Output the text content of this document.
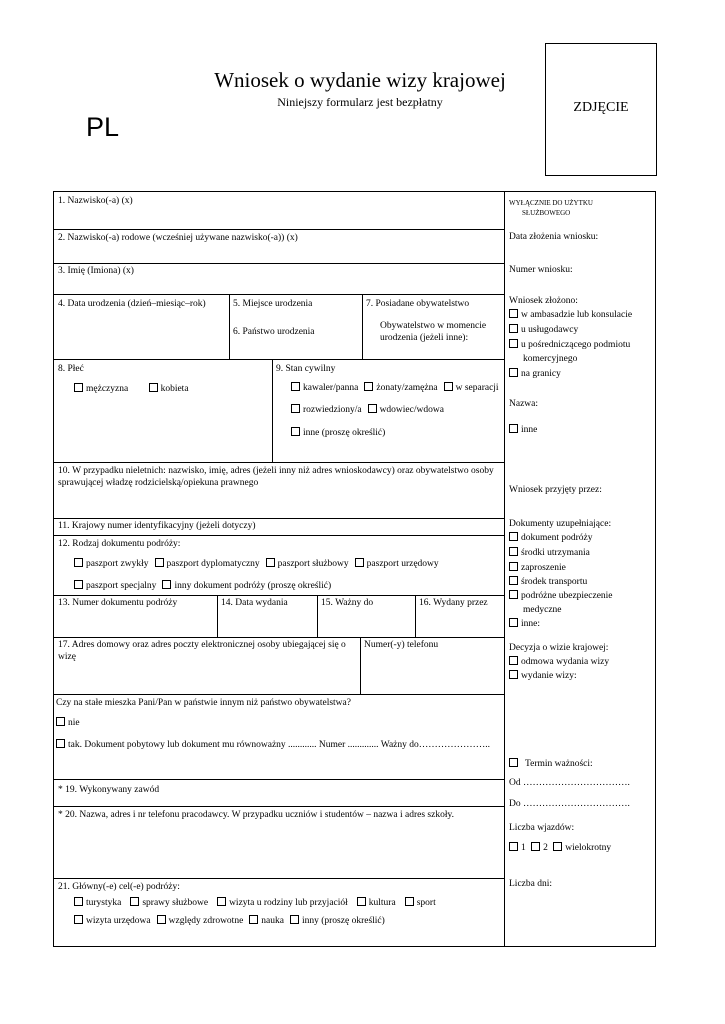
Wniosek o wydanie wizy krajowej
Niniejszy formularz jest bezpłatny
PL
ZDJĘCIE
1. Nazwisko(-a) (x)
2. Nazwisko(-a) rodowe (wcześniej używane nazwisko(-a)) (x)
3. Imię (Imiona) (x)
4. Data urodzenia (dzień–miesiąc–rok)	5. Miejsce urodzenia
6. Państwo urodzenia
7. Posiadane obywatelstwo
Obywatelstwo w momencie urodzenia (jeżeli inne):
8. Płeć
mężczyzna	kobieta
9. Stan cywilny
kawaler/panna żonaty/zamężna w separacji
rozwiedziony/a wdowiec/wdowa
inne (proszę określić)
10. W przypadku nieletnich: nazwisko, imię, adres (jeżeli inny niż adres wnioskodawcy) oraz obywatelstwo osoby sprawującej władzę rodzicielską/opiekuna prawnego
11. Krajowy numer identyfikacyjny (jeżeli dotyczy)
12. Rodzaj dokumentu podróży:
paszport zwykły paszport dyplomatyczny paszport służbowy paszport urzędowy
paszport specjalny inny dokument podróży (proszę określić)
13. Numer dokumentu podróży	14. Data wydania	15. Ważny do	16. Wydany przez
17. Adres domowy oraz adres poczty elektronicznej osoby ubiegającej się o wizę
Numer(-y) telefonu
Czy na stałe mieszka Pani/Pan w państwie innym niż państwo obywatelstwa?
nie
tak. Dokument pobytowy lub dokument mu równoważny ............ Numer ............. Ważny do…………………..
* 19. Wykonywany zawód
* 20. Nazwa, adres i nr telefonu pracodawcy. W przypadku uczniów i studentów – nazwa i adres szkoły.
21. Główny(-e) cel(-e) podróży:
turystyka sprawy służbowe wizyta u rodziny lub przyjaciół kultura sport
wizyta urzędowa względy zdrowotne nauka inny (proszę określić)
WYŁĄCZNIE DO UŻYTKU
SŁUŻBOWEGO
Data złożenia wniosku:
Numer wniosku:
Wniosek złożono:
w ambasadzie lub konsulacie
u usługodawcy
u pośredniczącego podmiotu
komercyjnego
na granicy
Nazwa:
inne
Wniosek przyjęty przez:
Dokumenty uzupełniające:
dokument podróży
środki utrzymania
zaproszenie
środek transportu
podróżne ubezpieczenie
medyczne
inne:
Decyzja o wizie krajowej:
odmowa wydania wizy
wydanie wizy:
Termin ważności:
Od …………………………….
Do …………………………….
Liczba wjazdów:
1 2 wielokrotny
Liczba dni:
